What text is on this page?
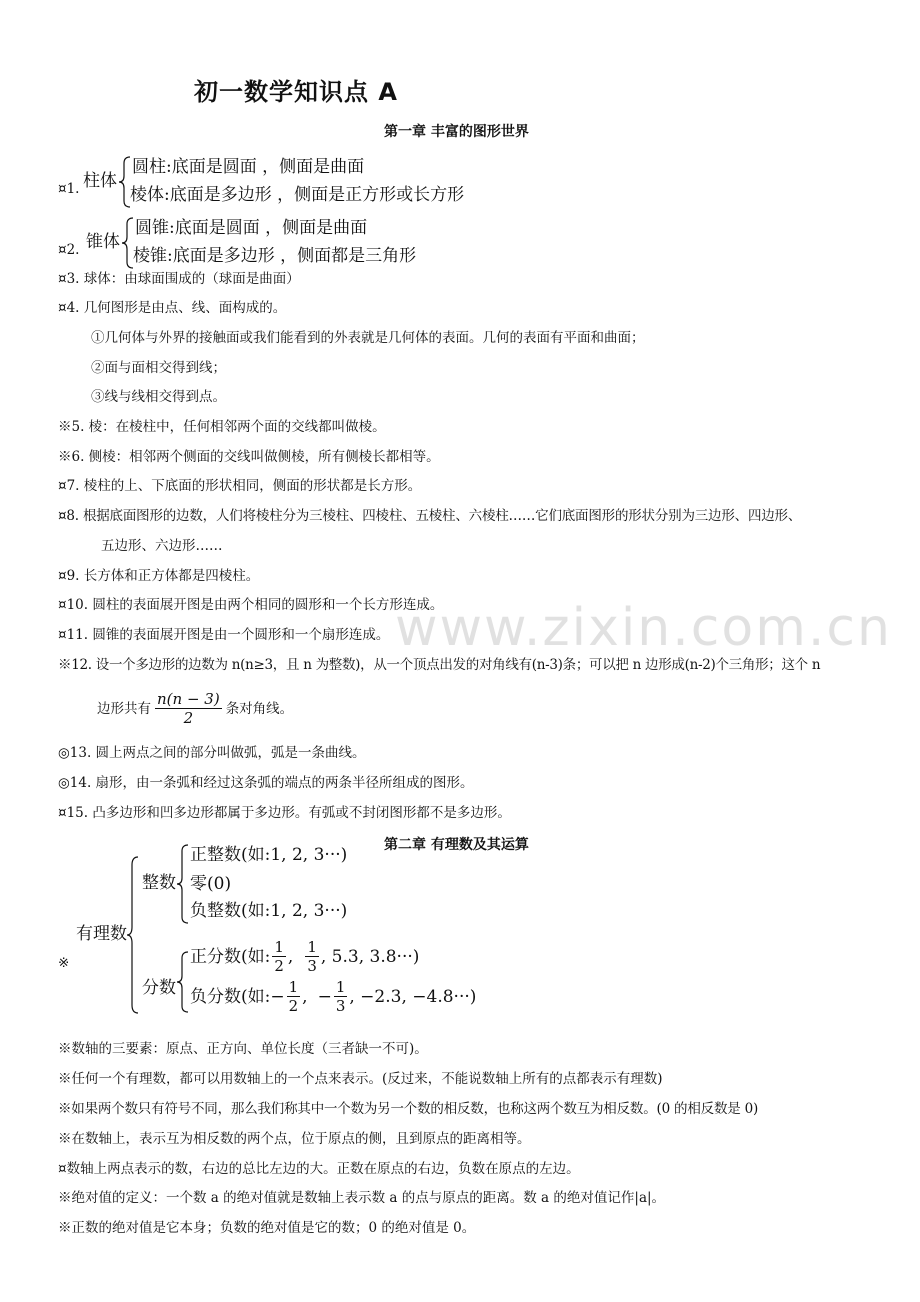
初一数学知识点 A
第一章 丰富的图形世界
¤1. 柱体
圆柱:底面是圆面 ，侧面是曲面
棱体:底面是多边形 ，侧面是正方形或长方形
¤2. 锥体
圆锥:底面是圆面 ，侧面是曲面
棱锥:底面是多边形 ，侧面都是三角形
¤3. 球体：由球面围成的（球面是曲面）
¤4. 几何图形是由点、线、面构成的。
①几何体与外界的接触面或我们能看到的外表就是几何体的表面。几何的表面有平面和曲面；
②面与面相交得到线；
③线与线相交得到点。
※5. 棱：在棱柱中，任何相邻两个面的交线都叫做棱。
※6. 侧棱：相邻两个侧面的交线叫做侧棱，所有侧棱长都相等。
¤7. 棱柱的上、下底面的形状相同，侧面的形状都是长方形。
¤8. 根据底面图形的边数，人们将棱柱分为三棱柱、四棱柱、五棱柱、六棱柱……它们底面图形的形状分别为三边形、四边形、
五边形、六边形……
¤9. 长方体和正方体都是四棱柱。
¤10. 圆柱的表面展开图是由两个相同的圆形和一个长方形连成。
¤11. 圆锥的表面展开图是由一个圆形和一个扇形连成。
※12. 设一个多边形的边数为 n(n≥3，且 n 为整数)，从一个顶点出发的对角线有(n-3)条；可以把 n 边形成(n-2)个三角形；这个 n
www.zixin.com.cn
边形共有 $\frac{n(n - 3)}{2}$ 条对角线。
◎13. 圆上两点之间的部分叫做弧，弧是一条曲线。
◎14. 扇形，由一条弧和经过这条弧的端点的两条半径所组成的图形。
¤15. 凸多边形和凹多边形都属于多边形。有弧或不封闭图形都不是多边形。
第二章 有理数及其运算
※
有理数
整数
正整数(如:1, 2, 3···)
零(0)
负整数(如:1, 2, 3···)
分数
正分数(如: $\frac{1}{2}$ , $\frac{1}{3}$ , 5.3, 3.8···)
负分数(如:− $\frac{1}{2}$ , − $\frac{1}{3}$ , −2.3, −4.8···)
※数轴的三要素：原点、正方向、单位长度（三者缺一不可)。
※任何一个有理数，都可以用数轴上的一个点来表示。(反过来，不能说数轴上所有的点都表示有理数)
※如果两个数只有符号不同，那么我们称其中一个数为另一个数的相反数，也称这两个数互为相反数。(0 的相反数是 0)
※在数轴上，表示互为相反数的两个点，位于原点的侧，且到原点的距离相等。
¤数轴上两点表示的数，右边的总比左边的大。正数在原点的右边，负数在原点的左边。
※绝对值的定义：一个数 a 的绝对值就是数轴上表示数 a 的点与原点的距离。数 a 的绝对值记作|a|。
※正数的绝对值是它本身；负数的绝对值是它的数；0 的绝对值是 0。
